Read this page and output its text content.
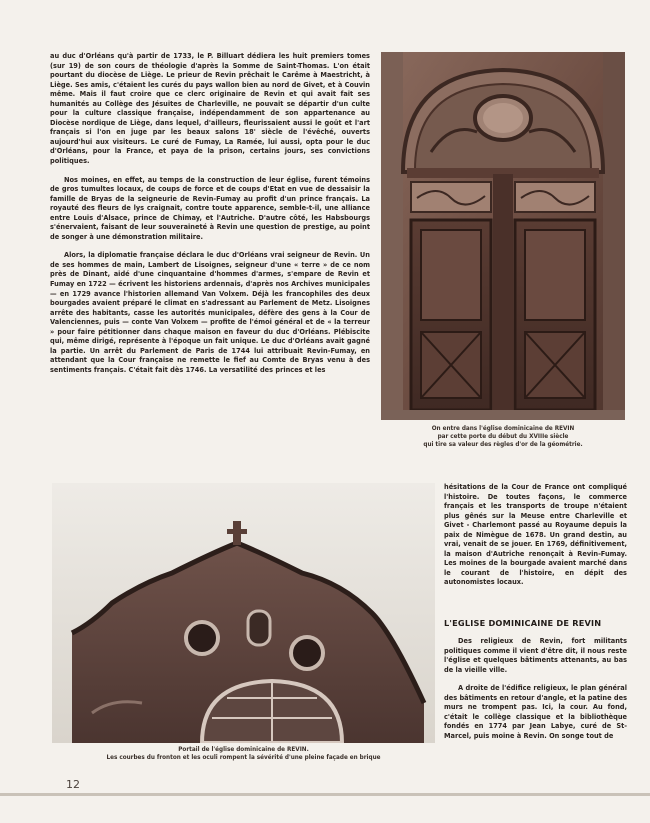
au duc d'Orléans qu'à partir de 1733, le P. Billuart dédiera les huit premiers tomes (sur 19) de son cours de théologie d'après la Somme de Saint-Thomas. L'on était pourtant du diocèse de Liège. Le prieur de Revin prêchait le Carême à Maestricht, à Liège. Ses amis, c'étaient les curés du pays wallon bien au nord de Givet, et à Couvin même. Mais il faut croire que ce clerc originaire de Revin et qui avait fait ses humanités au Collège des Jésuites de Charleville, ne pouvait se départir d'un culte pour la culture classique française, indépendamment de son appartenance au Diocèse nordique de Liège, dans lequel, d'ailleurs, fleurissaient aussi le goût et l'art français si l'on en juge par les beaux salons 18' siècle de l'évêché, ouverts aujourd'hui aux visiteurs. Le curé de Fumay, La Ramée, lui aussi, opta pour le duc d'Orléans, pour la France, et paya de la prison, certains jours, ses convictions politiques.

Nos moines, en effet, au temps de la construction de leur église, furent témoins de gros tumultes locaux, de coups de force et de coups d'Etat en vue de dessaisir la famille de Bryas de la seigneurie de Revin-Fumay au profit d'un prince français. La royauté des fleurs de lys craignait, contre toute apparence, semble-t-il, une alliance entre Louis d'Alsace, prince de Chimay, et l'Autriche. D'autre côté, les Habsbourgs s'énervaient, faisant de leur souveraineté à Revin une question de prestige, au point de songer à une démonstration militaire.

Alors, la diplomatie française déclara le duc d'Orléans vrai seigneur de Revin. Un de ses hommes de main, Lambert de Lisoignes, seigneur d'une « terre » de ce nom près de Dinant, aidé d'une cinquantaine d'hommes d'armes, s'empare de Revin et Fumay en 1722 — écrivent les historiens ardennais, d'après nos Archives municipales — en 1729 avance l'historien allemand Van Volxem. Déjà les francophiles des deux bourgades avaient préparé le climat en s'adressant au Parlement de Metz. Lisoignes arrête des habitants, casse les autorités municipales, défère des gens à la Cour de Valenciennes, puis — conte Van Volxem — profite de l'émoi général et de « la terreur » pour faire pétitionner dans chaque maison en faveur du duc d'Orléans. Plébiscite qui, même dirigé, représente à l'époque un fait unique. Le duc d'Orléans avait gagné la partie. Un arrêt du Parlement de Paris de 1744 lui attribuait Revin-Fumay, en attendant que la Cour française ne remette le fief au Comte de Bryas venu à des sentiments français. C'était fait dès 1746. La versatilité des princes et les

On entre dans l'église dominicaine de REVIN
par cette porte du début du XVIIIe siècle
qui tire sa valeur des règles d'or de la géométrie.
Portail de l'église dominicaine de REVIN.
Les courbes du fronton et les oculi rompent la sévérité d'une pleine façade en brique

hésitations de la Cour de France ont compliqué l'histoire. De toutes façons, le commerce français et les transports de troupe n'étaient plus gênés sur la Meuse entre Charleville et Givet - Charlemont passé au Royaume depuis la paix de Nimègue de 1678. Un grand destin, au vrai, venait de se jouer. En 1769, définitivement, la maison d'Autriche renonçait à Revin-Fumay. Les moines de la bourgade avaient marché dans le courant de l'histoire, en dépit des autonomistes locaux.

L'EGLISE DOMINICAINE DE REVIN

Des religieux de Revin, fort militants politiques comme il vient d'être dit, il nous reste l'église et quelques bâtiments attenants, au bas de la vieille ville.

A droite de l'édifice religieux, le plan général des bâtiments en retour d'angle, et la patine des murs ne trompent pas. Ici, la cour. Au fond, c'était le collège classique et la bibliothèque fondés en 1774 par Jean Labye, curé de St-Marcel, puis moine à Revin. On songe tout de

12
